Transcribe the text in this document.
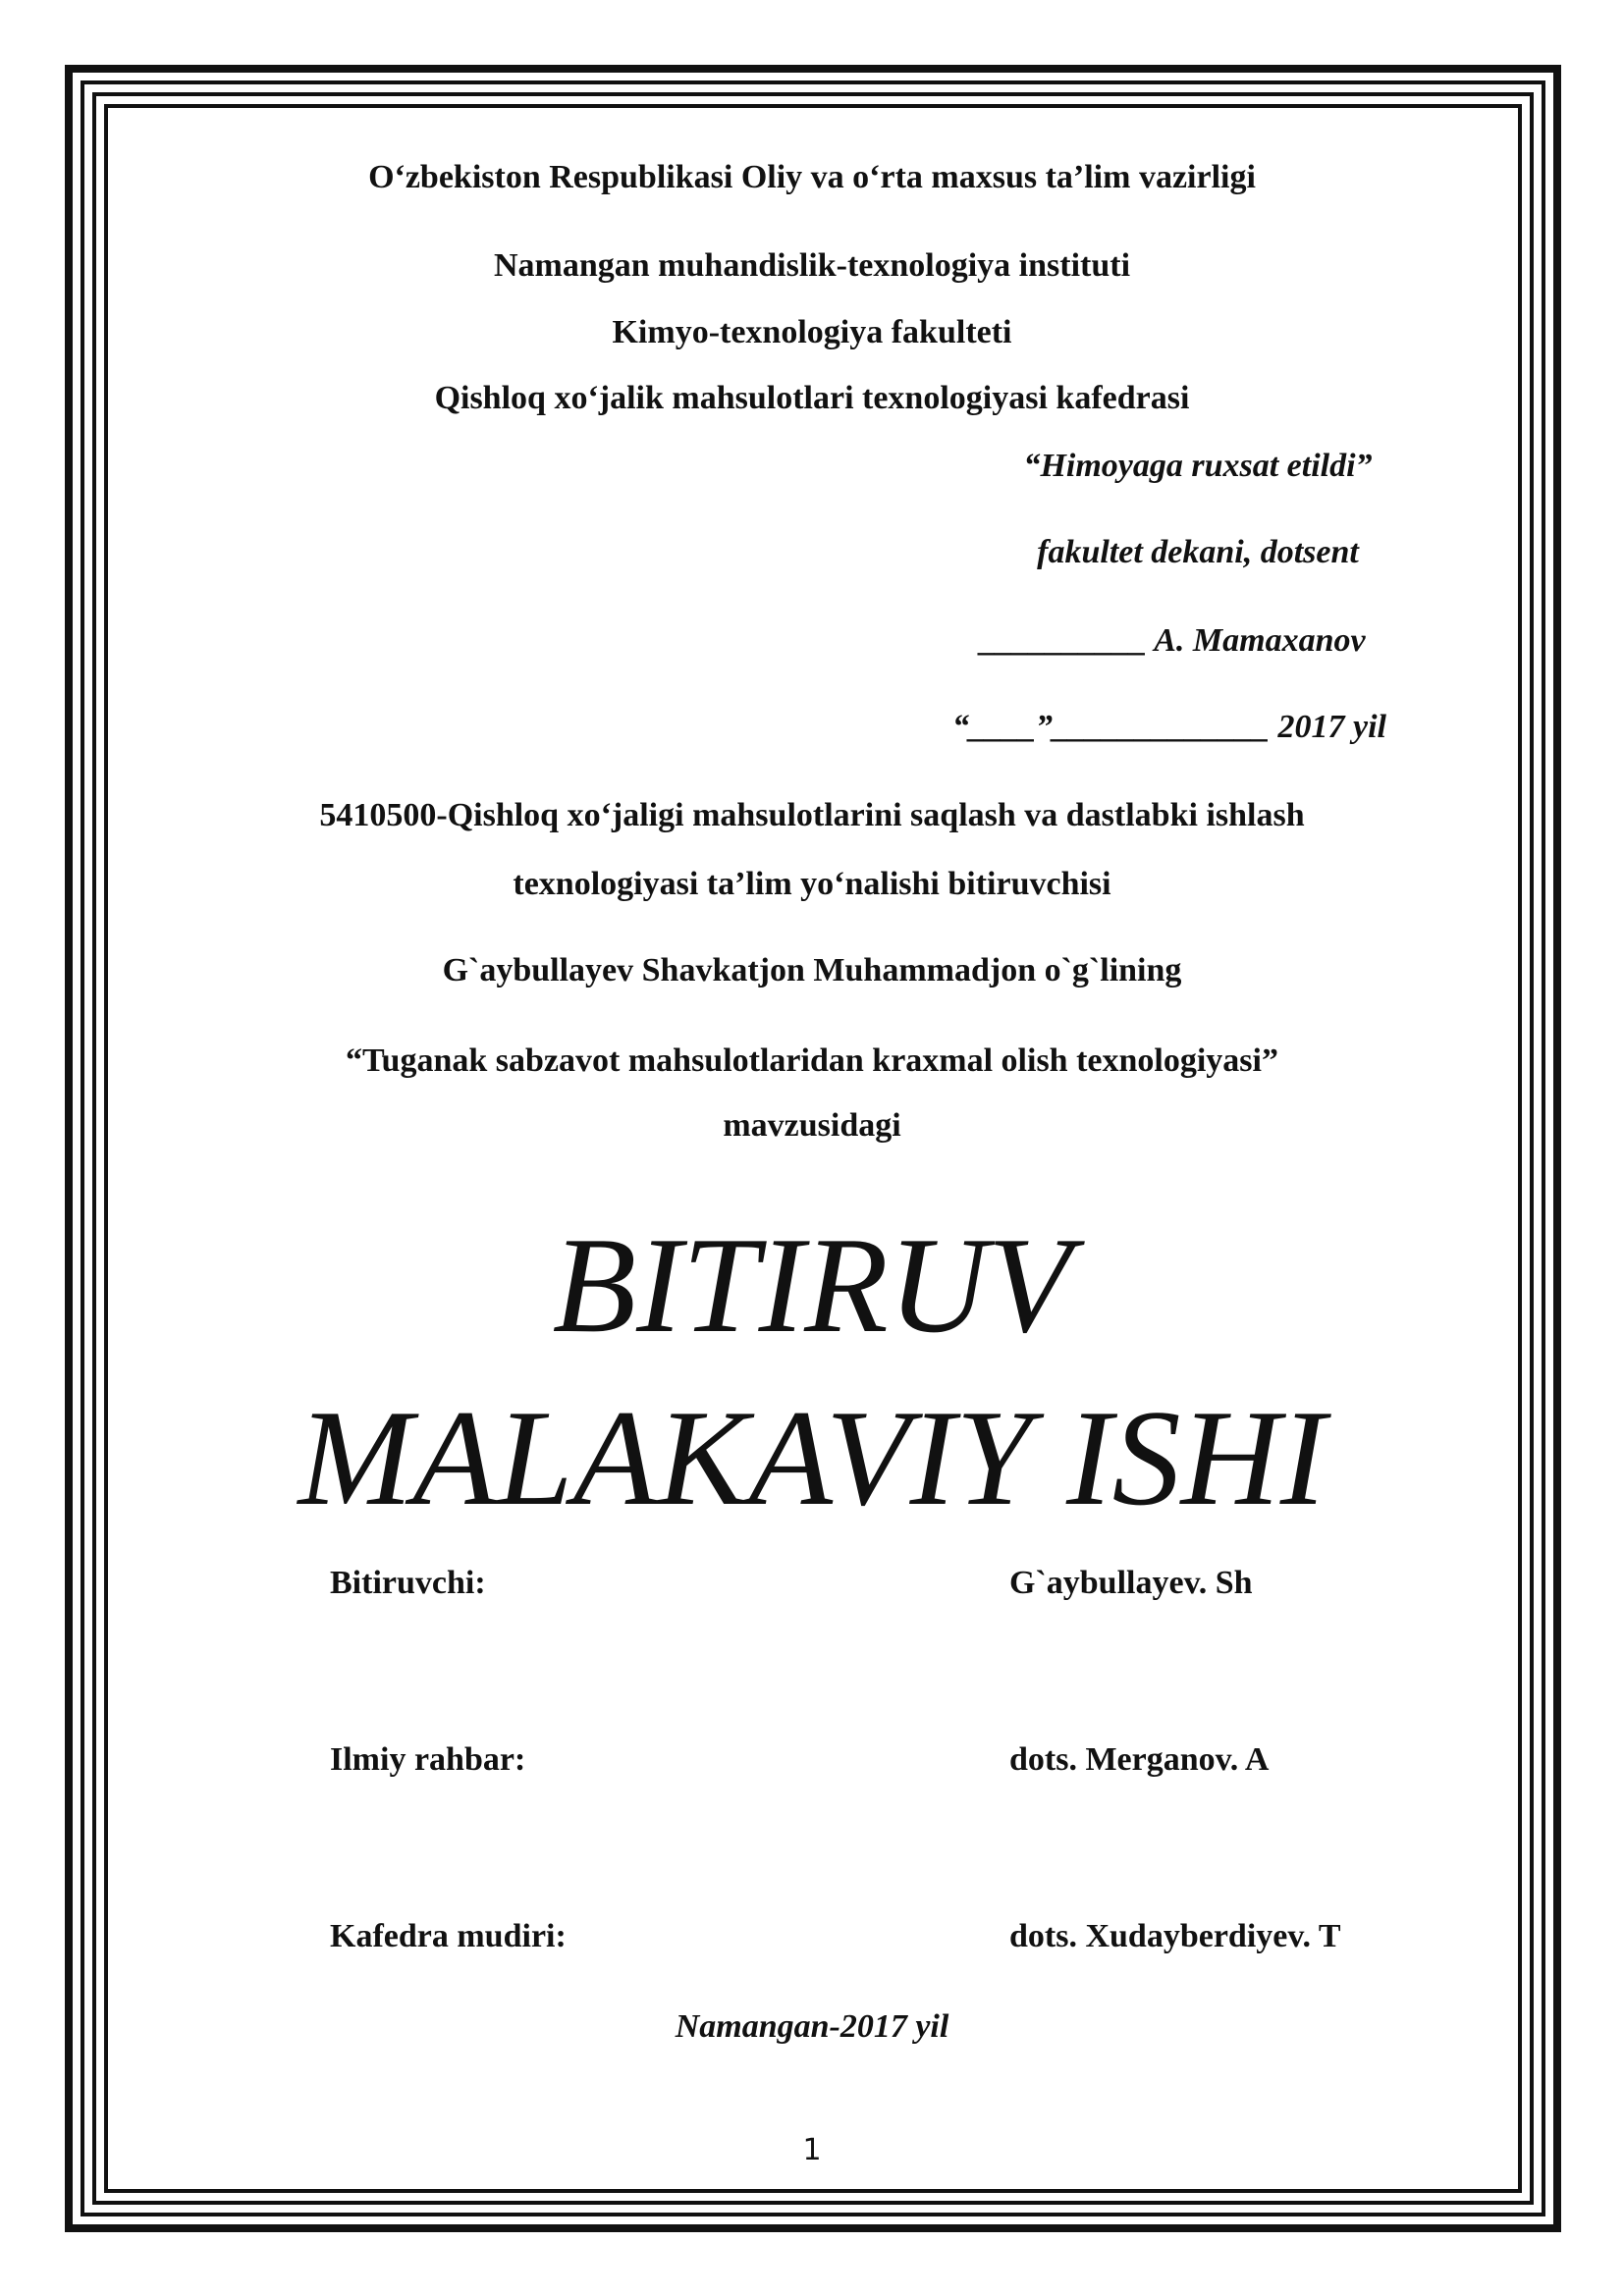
O‘zbekiston Respublikasi Oliy va o‘rta maxsus ta’lim vazirligi
Namangan muhandislik-texnologiya instituti
Kimyo-texnologiya fakulteti
Qishloq xo‘jalik mahsulotlari texnologiyasi kafedrasi
“Himoyaga ruxsat etildi”
fakultet dekani, dotsent
__________ A. Mamaxanov
“____”_____________ 2017 yil
5410500-Qishloq xo‘jaligi mahsulotlarini saqlash va dastlabki ishlash
texnologiyasi ta’lim yo‘nalishi bitiruvchisi
G`aybullayev Shavkatjon Muhammadjon o`g`lining
“Tuganak sabzavot mahsulotlaridan kraxmal olish texnologiyasi”
mavzusidagi
BITIRUV
MALAKAVIY ISHI
Bitiruvchi:	G`aybullayev. Sh
Ilmiy rahbar:	dots. Merganov. A
Kafedra mudiri:	dots. Xudayberdiyev. T
Namangan-2017 yil
1
